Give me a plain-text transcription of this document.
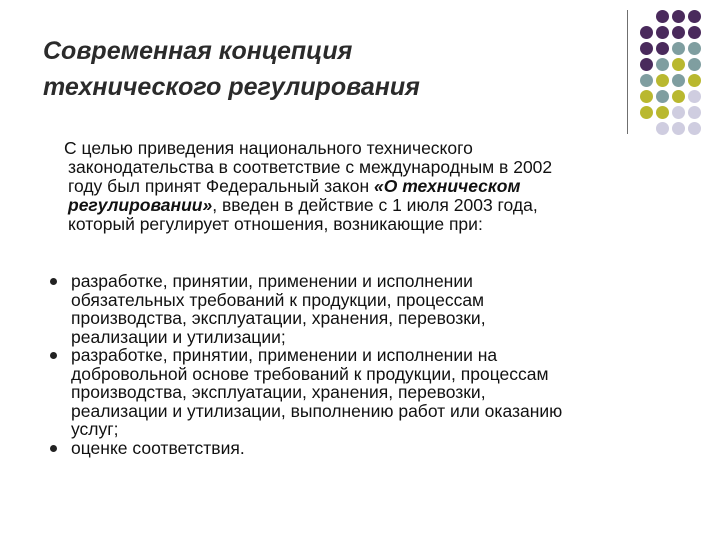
Современная концепция
технического регулирования
С целью приведения национального технического
законодательства в соответствие с международным в 2002
году был принят Федеральный закон «О техническом
регулировании», введен в действие с 1 июля 2003 года,
который регулирует отношения, возникающие при:
разработке, принятии, применении и исполнении
обязательных требований к продукции, процессам
производства, эксплуатации, хранения, перевозки,
реализации и утилизации;
разработке, принятии, применении и исполнении на
добровольной основе требований к продукции, процессам
производства, эксплуатации, хранения, перевозки,
реализации и утилизации, выполнению работ или оказанию
услуг;
оценке соответствия.
